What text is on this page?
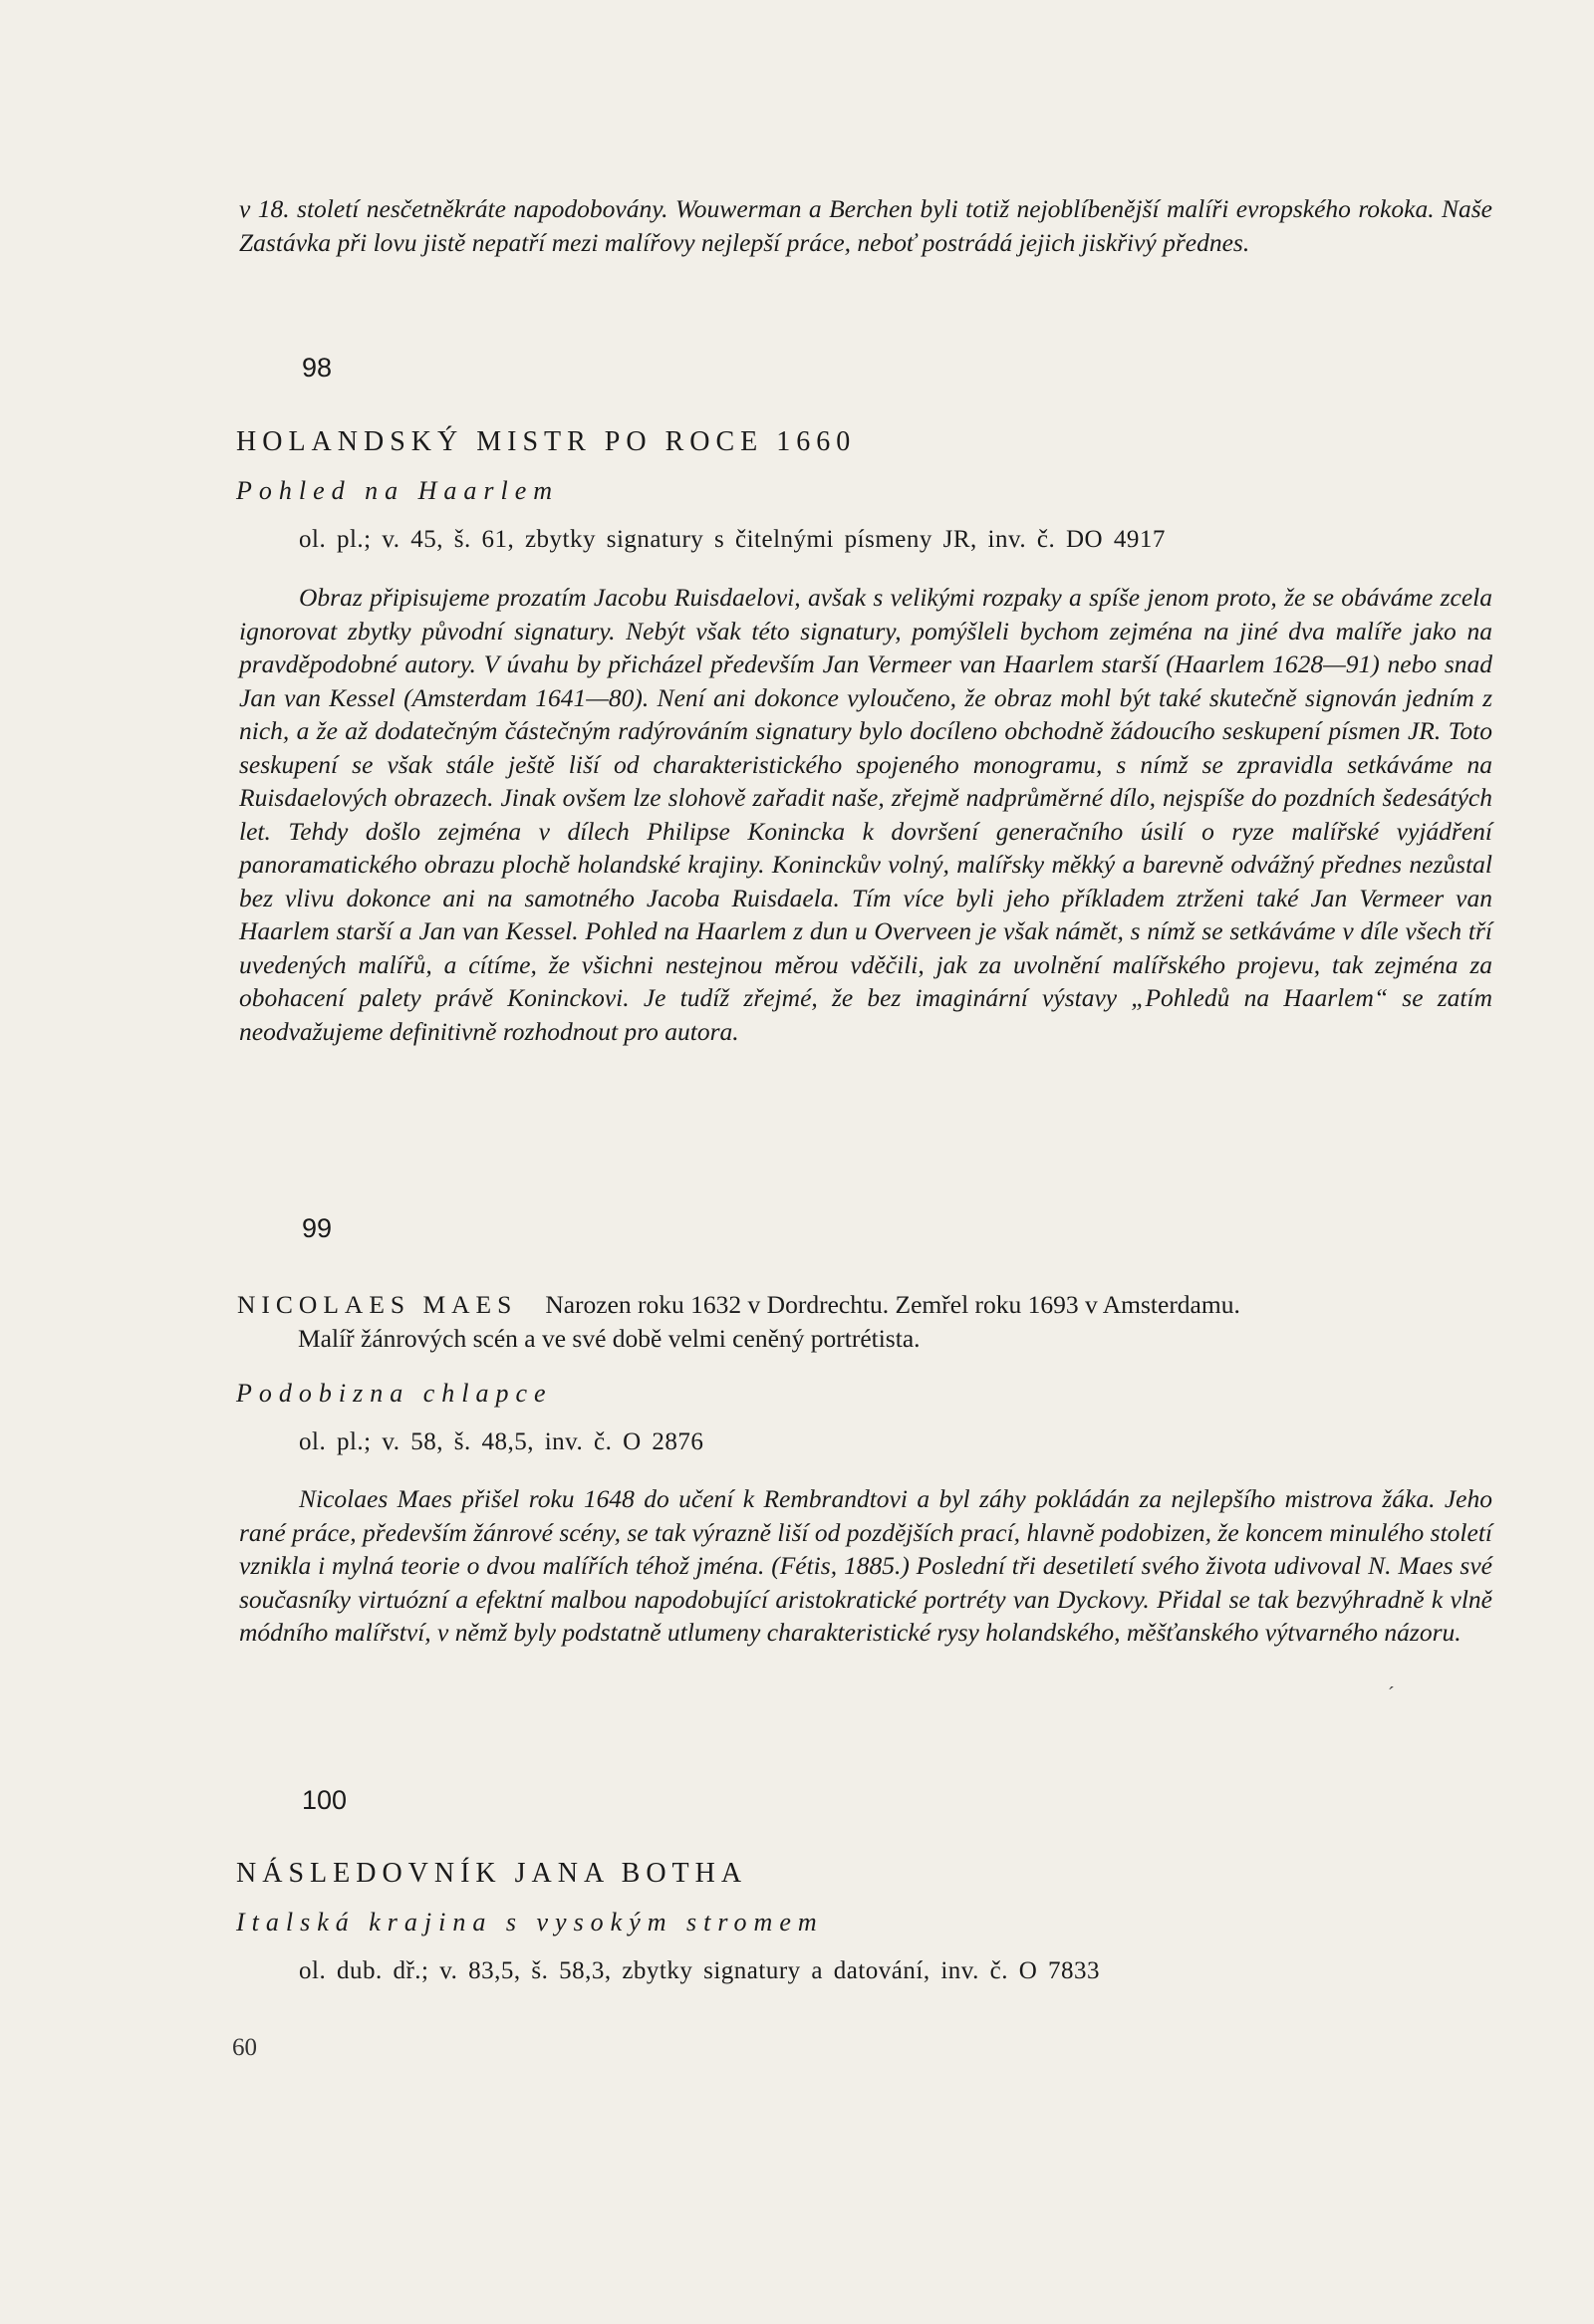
v 18. století nesčetněkráte napodobovány. Wouwerman a Berchen byli totiž nejoblíbenější malíři evropského rokoka. Naše Zastávka při lovu jistě nepatří mezi malířovy nejlepší práce, neboť postrádá jejich jiskřivý přednes.

98
HOLANDSKÝ MISTR PO ROCE 1660
Pohled na Haarlem
ol. pl.; v. 45, š. 61, zbytky signatury s čitelnými písmeny JR, inv. č. DO 4917

Obraz připisujeme prozatím Jacobu Ruisdaelovi, avšak s velikými rozpaky a spíše jenom proto, že se obáváme zcela ignorovat zbytky původní signatury. Nebýt však této signatury, pomýšleli bychom zejména na jiné dva malíře jako na pravděpodobné autory. V úvahu by přicházel především Jan Vermeer van Haarlem starší (Haarlem 1628—91) nebo snad Jan van Kessel (Amsterdam 1641—80). Není ani dokonce vyloučeno, že obraz mohl být také skutečně signován jedním z nich, a že až dodatečným částečným radýrováním signatury bylo docíleno obchodně žádoucího seskupení písmen JR. Toto seskupení se však stále ještě liší od charakteristického spojeného monogramu, s nímž se zpravidla setkáváme na Ruisdaelových obrazech. Jinak ovšem lze slohově zařadit naše, zřejmě nadprůměrné dílo, nejspíše do pozdních šedesátých let. Tehdy došlo zejména v dílech Philipse Konincka k dovršení generačního úsilí o ryze malířské vyjádření panoramatického obrazu plochě holandské krajiny. Koninckův volný, malířsky měkký a barevně odvážný přednes nezůstal bez vlivu dokonce ani na samotného Jacoba Ruisdaela. Tím více byli jeho příkladem ztrženi také Jan Vermeer van Haarlem starší a Jan van Kessel. Pohled na Haarlem z dun u Overveen je však námět, s nímž se setkáváme v díle všech tří uvedených malířů, a cítíme, že všichni nestejnou měrou vděčili, jak za uvolnění malířského projevu, tak zejména za obohacení palety právě Koninckovi. Je tudíž zřejmé, že bez imaginární výstavy „Pohledů na Haarlem“ se zatím neodvažujeme definitivně rozhodnout pro autora.

99
NICOLAES MAES Narozen roku 1632 v Dordrechtu. Zemřel roku 1693 v Amsterdamu.
Malíř žánrových scén a ve své době velmi ceněný portrétista.
Podobizna chlapce
ol. pl.; v. 58, š. 48,5, inv. č. O 2876

Nicolaes Maes přišel roku 1648 do učení k Rembrandtovi a byl záhy pokládán za nejlepšího mistrova žáka. Jeho rané práce, především žánrové scény, se tak výrazně liší od pozdějších prací, hlavně podobizen, že koncem minulého století vznikla i mylná teorie o dvou malířích téhož jména. (Fétis, 1885.) Poslední tři desetiletí svého života udivoval N. Maes své současníky virtuózní a efektní malbou napodobující aristokratické portréty van Dyckovy. Přidal se tak bezvýhradně k vlně módního malířství, v němž byly podstatně utlumeny charakteristické rysy holandského, měšťanského výtvarného názoru.

´
100
NÁSLEDOVNÍK JANA BOTHA
Italská krajina s vysokým stromem
ol. dub. dř.; v. 83,5, š. 58,3, zbytky signatury a datování, inv. č. O 7833
60
